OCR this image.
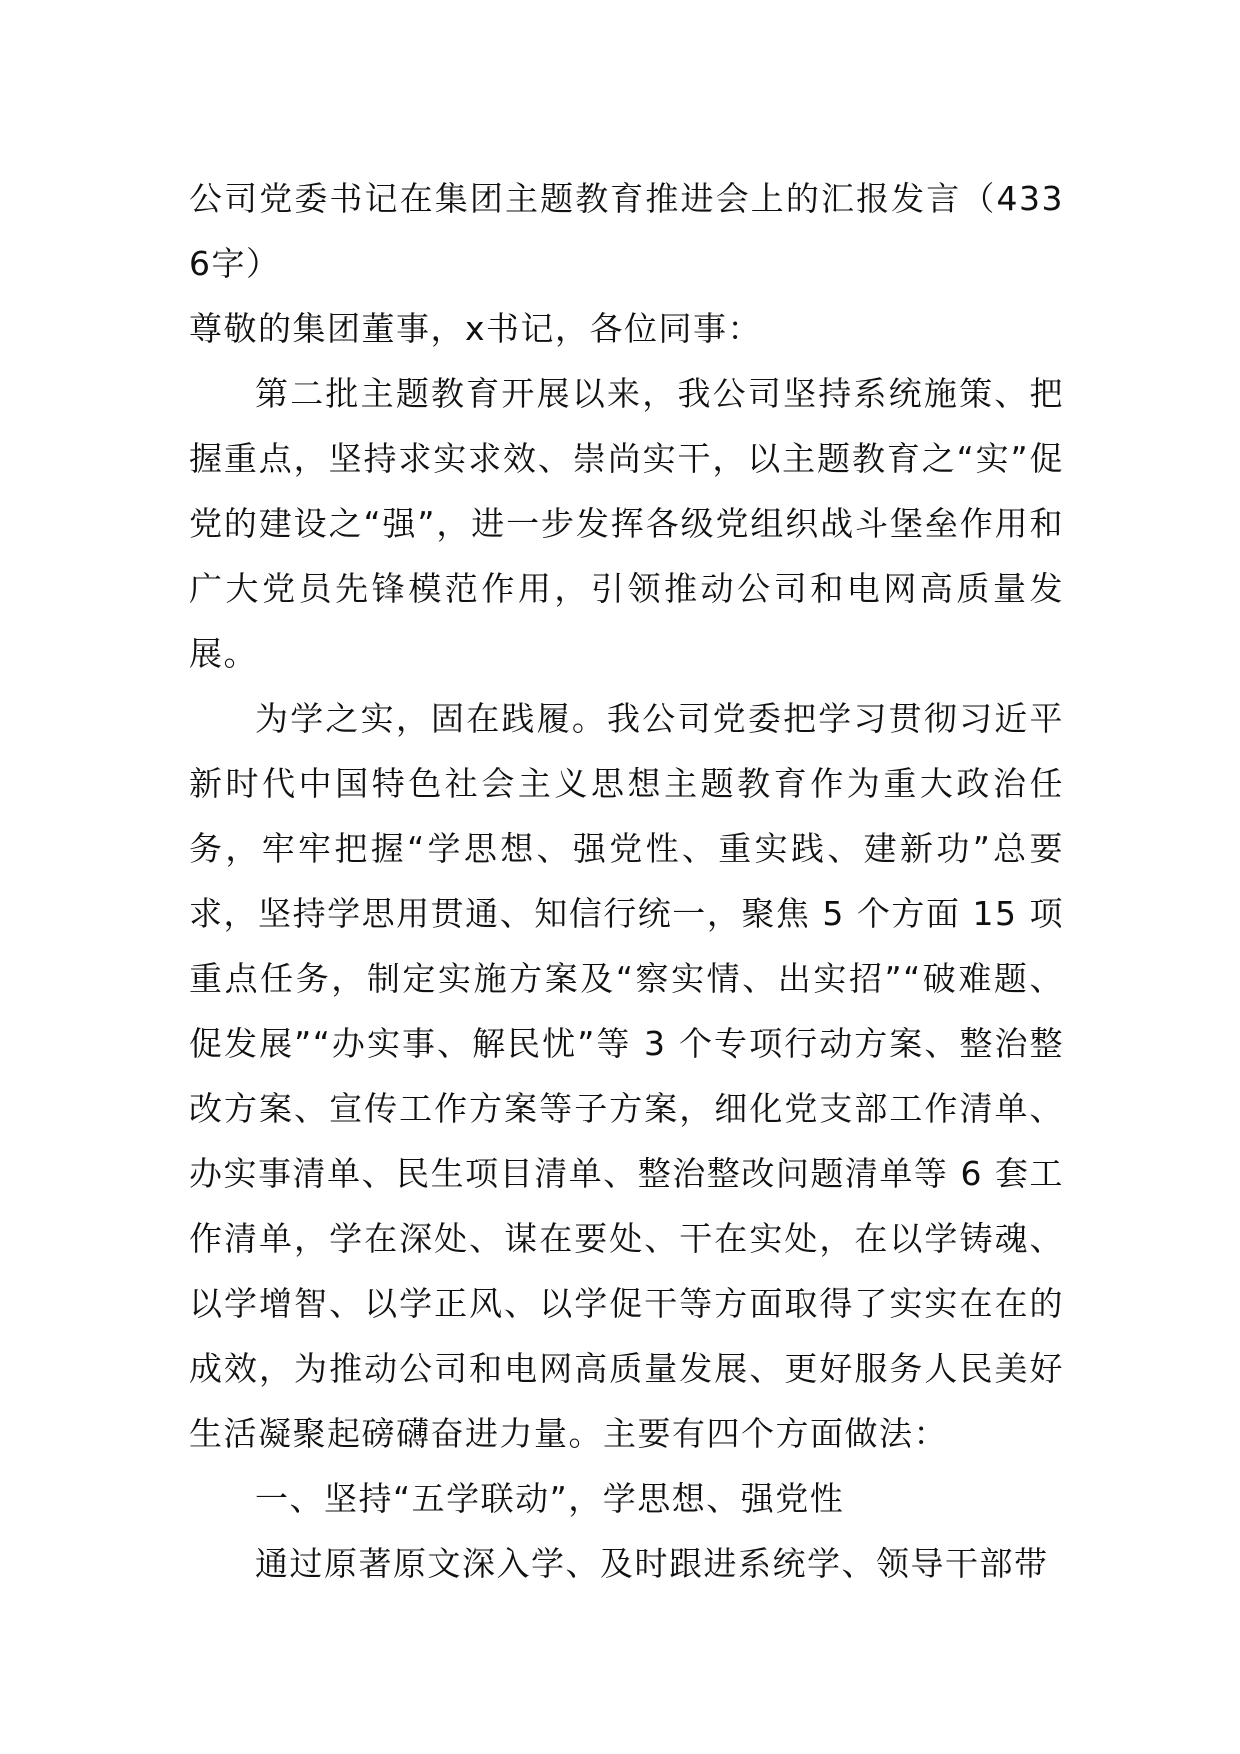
公司党委书记在集团主题教育推进会上的汇报发言（4336字）

尊敬的集团董事，x书记，各位同事：

第二批主题教育开展以来，我公司坚持系统施策、把握重点，坚持求实求效、崇尚实干，以主题教育之“实”促党的建设之“强”，进一步发挥各级党组织战斗堡垒作用和广大党员先锋模范作用，引领推动公司和电网高质量发展。

为学之实，固在践履。我公司党委把学习贯彻习近平新时代中国特色社会主义思想主题教育作为重大政治任务，牢牢把握“学思想、强党性、重实践、建新功”总要求，坚持学思用贯通、知信行统一，聚焦 5 个方面 15 项重点任务，制定实施方案及“察实情、出实招”“破难题、促发展”“办实事、解民忧”等 3 个专项行动方案、整治整改方案、宣传工作方案等子方案，细化党支部工作清单、办实事清单、民生项目清单、整治整改问题清单等 6 套工作清单，学在深处、谋在要处、干在实处，在以学铸魂、以学增智、以学正风、以学促干等方面取得了实实在在的成效，为推动公司和电网高质量发展、更好服务人民美好生活凝聚起磅礴奋进力量。主要有四个方面做法：

一、坚持“五学联动”，学思想、强党性

通过原著原文深入学、及时跟进系统学、领导干部带
